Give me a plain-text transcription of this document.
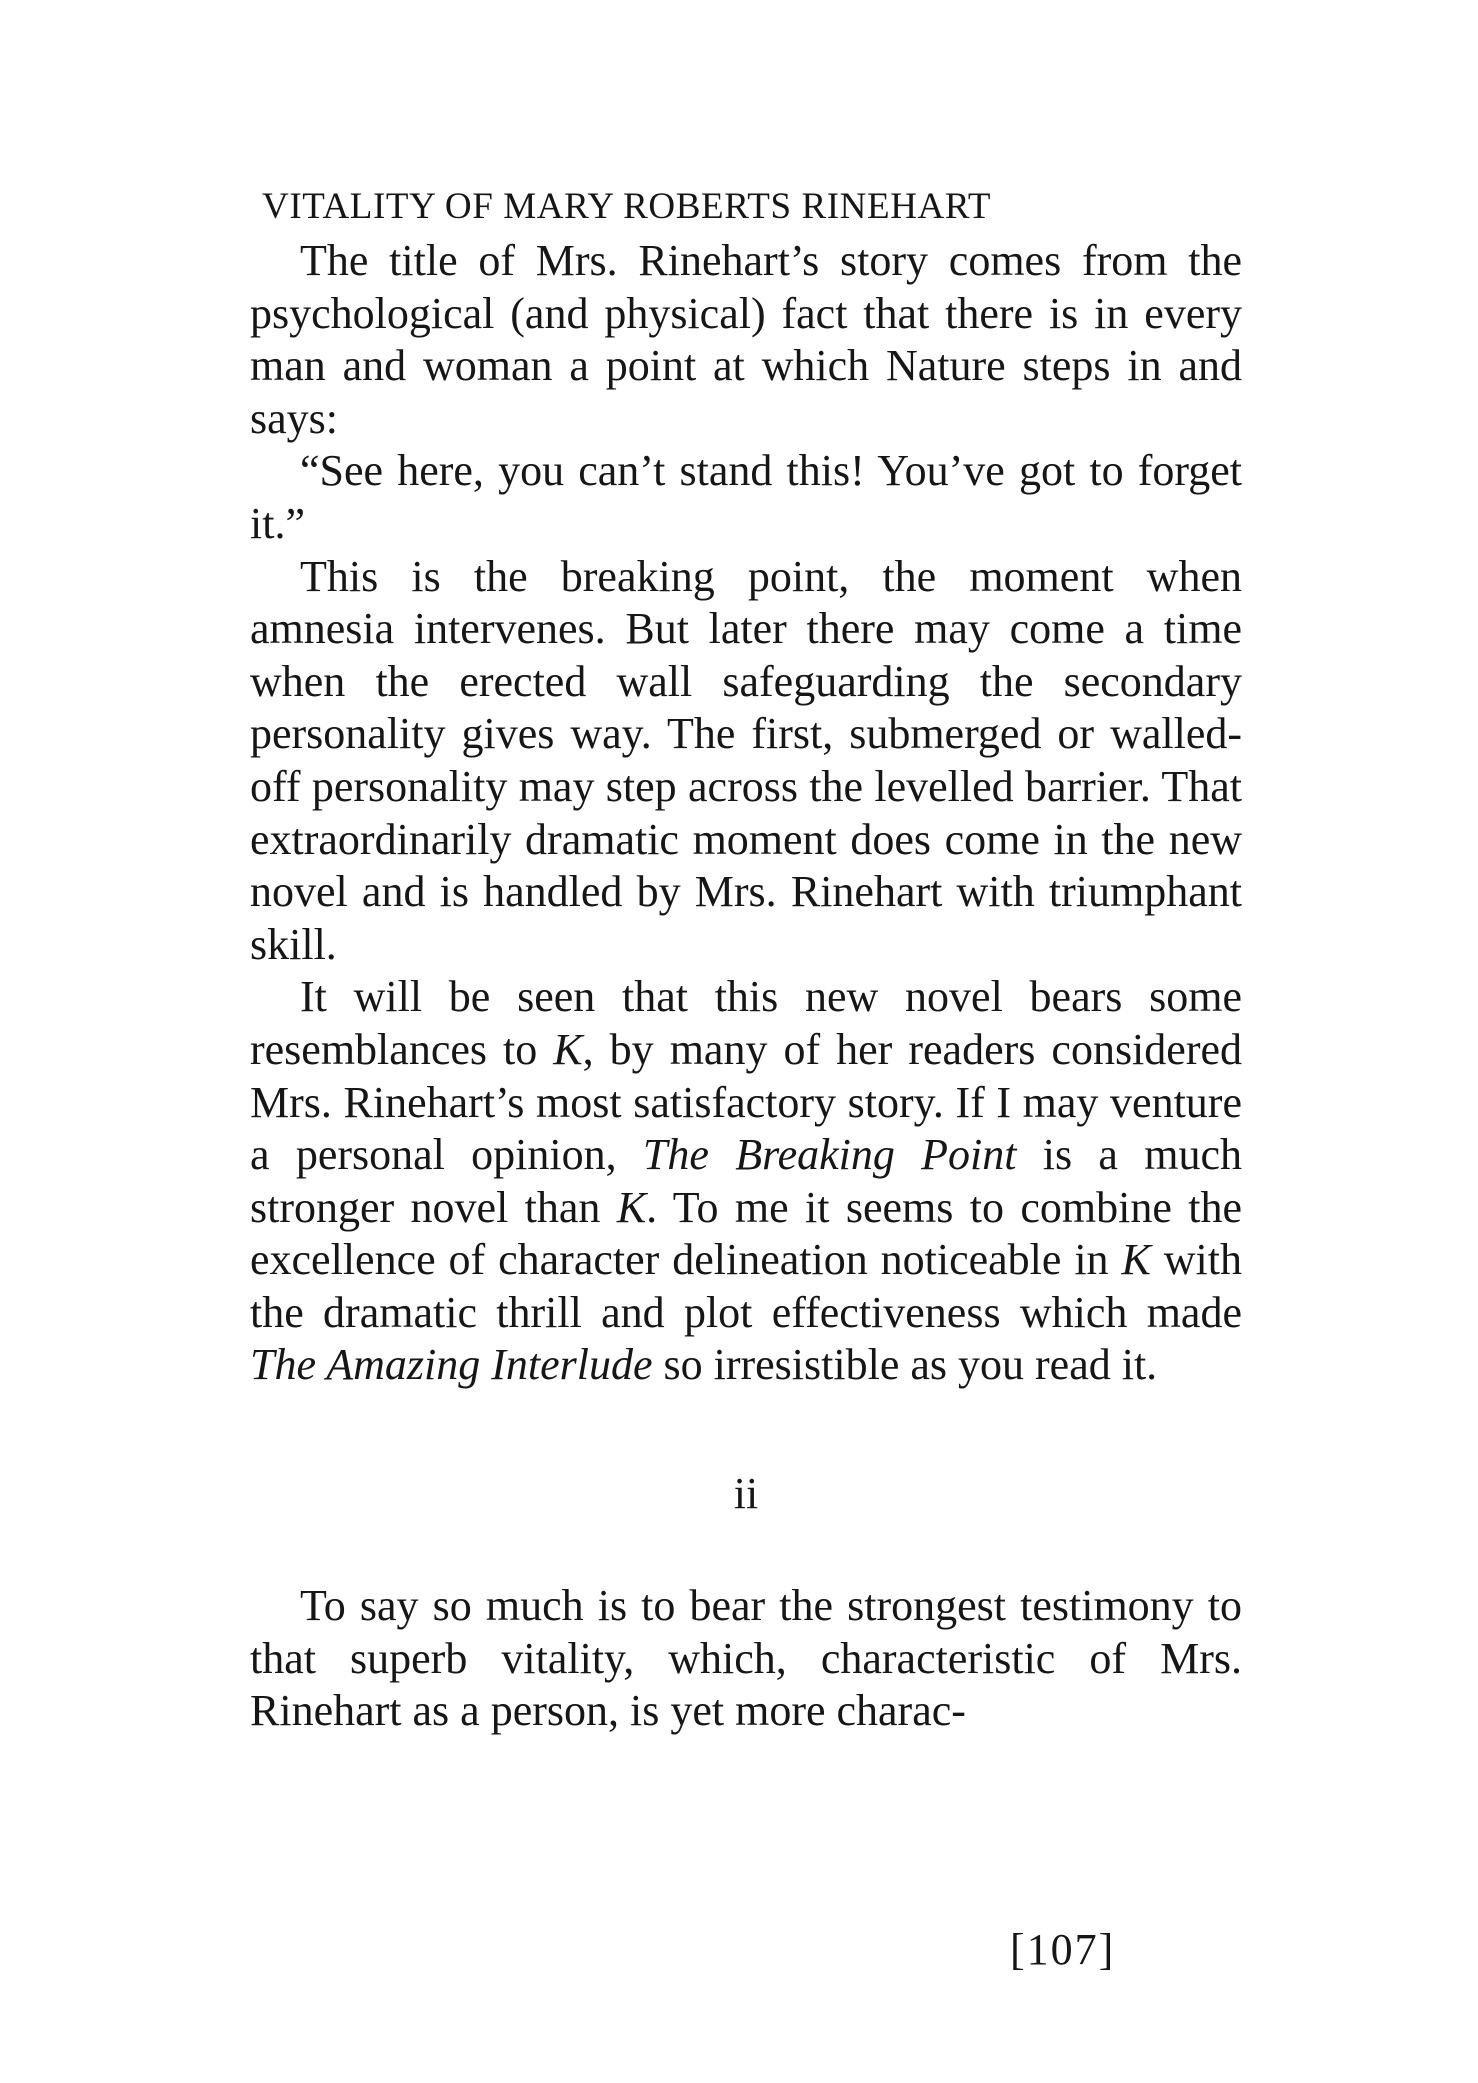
VITALITY OF MARY ROBERTS RINEHART

The title of Mrs. Rinehart’s story comes from the psychological (and physical) fact that there is in every man and woman a point at which Nature steps in and says:

“See here, you can’t stand this! You’ve got to forget it.”

This is the breaking point, the moment when amnesia intervenes. But later there may come a time when the erected wall safeguarding the secondary personality gives way. The first, submerged or walled-off personality may step across the levelled barrier. That extraordinarily dramatic moment does come in the new novel and is handled by Mrs. Rinehart with triumphant skill.

It will be seen that this new novel bears some resemblances to K, by many of her readers considered Mrs. Rinehart’s most satisfactory story. If I may venture a personal opinion, The Breaking Point is a much stronger novel than K. To me it seems to combine the excellence of character delineation noticeable in K with the dramatic thrill and plot effectiveness which made The Amazing Interlude so irresistible as you read it.

ii

To say so much is to bear the strongest testimony to that superb vitality, which, characteristic of Mrs. Rinehart as a person, is yet more charac-

[107]
